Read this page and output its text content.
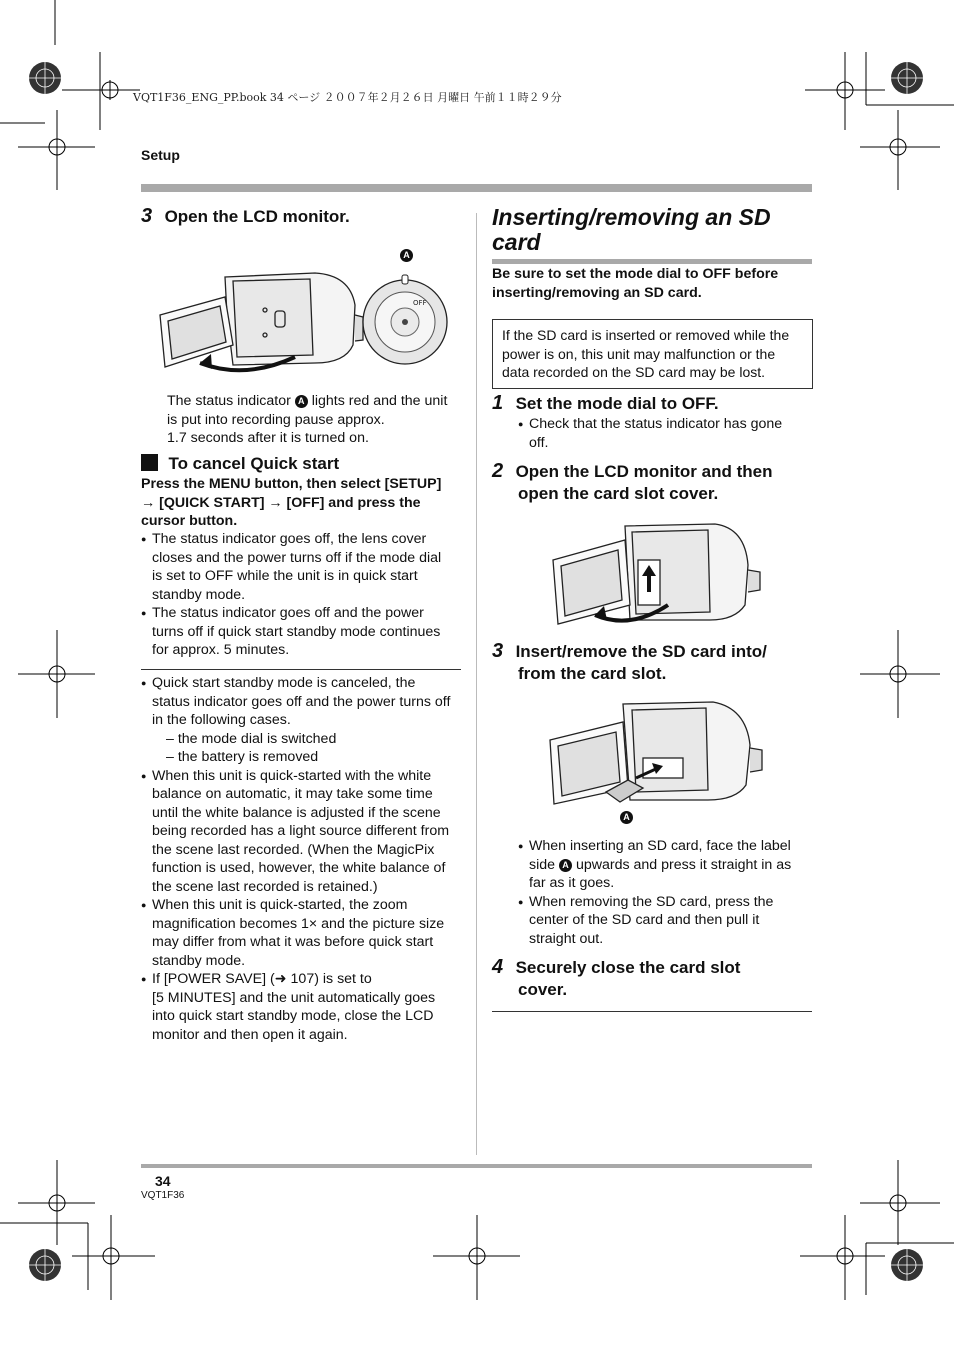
VQT1F36_ENG_PP.book 34 ページ ２００７年２月２６日 月曜日 午前１１時２９分
Setup
3 Open the LCD monitor.
OFF
A
The status indicator A lights red and the unit
is put into recording pause approx.
1.7 seconds after it is turned on.
To cancel Quick start
Press the MENU button, then select [SETUP]
→ [QUICK START] → [OFF] and press the
cursor button.
● The status indicator goes off, the lens cover
closes and the power turns off if the mode dial
is set to OFF while the unit is in quick start
standby mode.
● The status indicator goes off and the power
turns off if quick start standby mode continues
for approx. 5 minutes.
● Quick start standby mode is canceled, the
status indicator goes off and the power turns off
in the following cases.
– the mode dial is switched
– the battery is removed
● When this unit is quick-started with the white
balance on automatic, it may take some time
until the white balance is adjusted if the scene
being recorded has a light source different from
the scene last recorded. (When the MagicPix
function is used, however, the white balance of
the scene last recorded is retained.)
● When this unit is quick-started, the zoom
magnification becomes 1× and the picture size
may differ from what it was before quick start
standby mode.
● If [POWER SAVE] (➜ 107) is set to
[5 MINUTES] and the unit automatically goes
into quick start standby mode, close the LCD
monitor and then open it again.
Inserting/removing an SD
card
Be sure to set the mode dial to OFF before
inserting/removing an SD card.
If the SD card is inserted or removed while the
power is on, this unit may malfunction or the
data recorded on the SD card may be lost.
1 Set the mode dial to OFF.
● Check that the status indicator has gone
off.
2 Open the LCD monitor and then
open the card slot cover.
3 Insert/remove the SD card into/
from the card slot.
A
● When inserting an SD card, face the label
side A upwards and press it straight in as
far as it goes.
● When removing the SD card, press the
center of the SD card and then pull it
straight out.
4 Securely close the card slot
cover.
34
VQT1F36
